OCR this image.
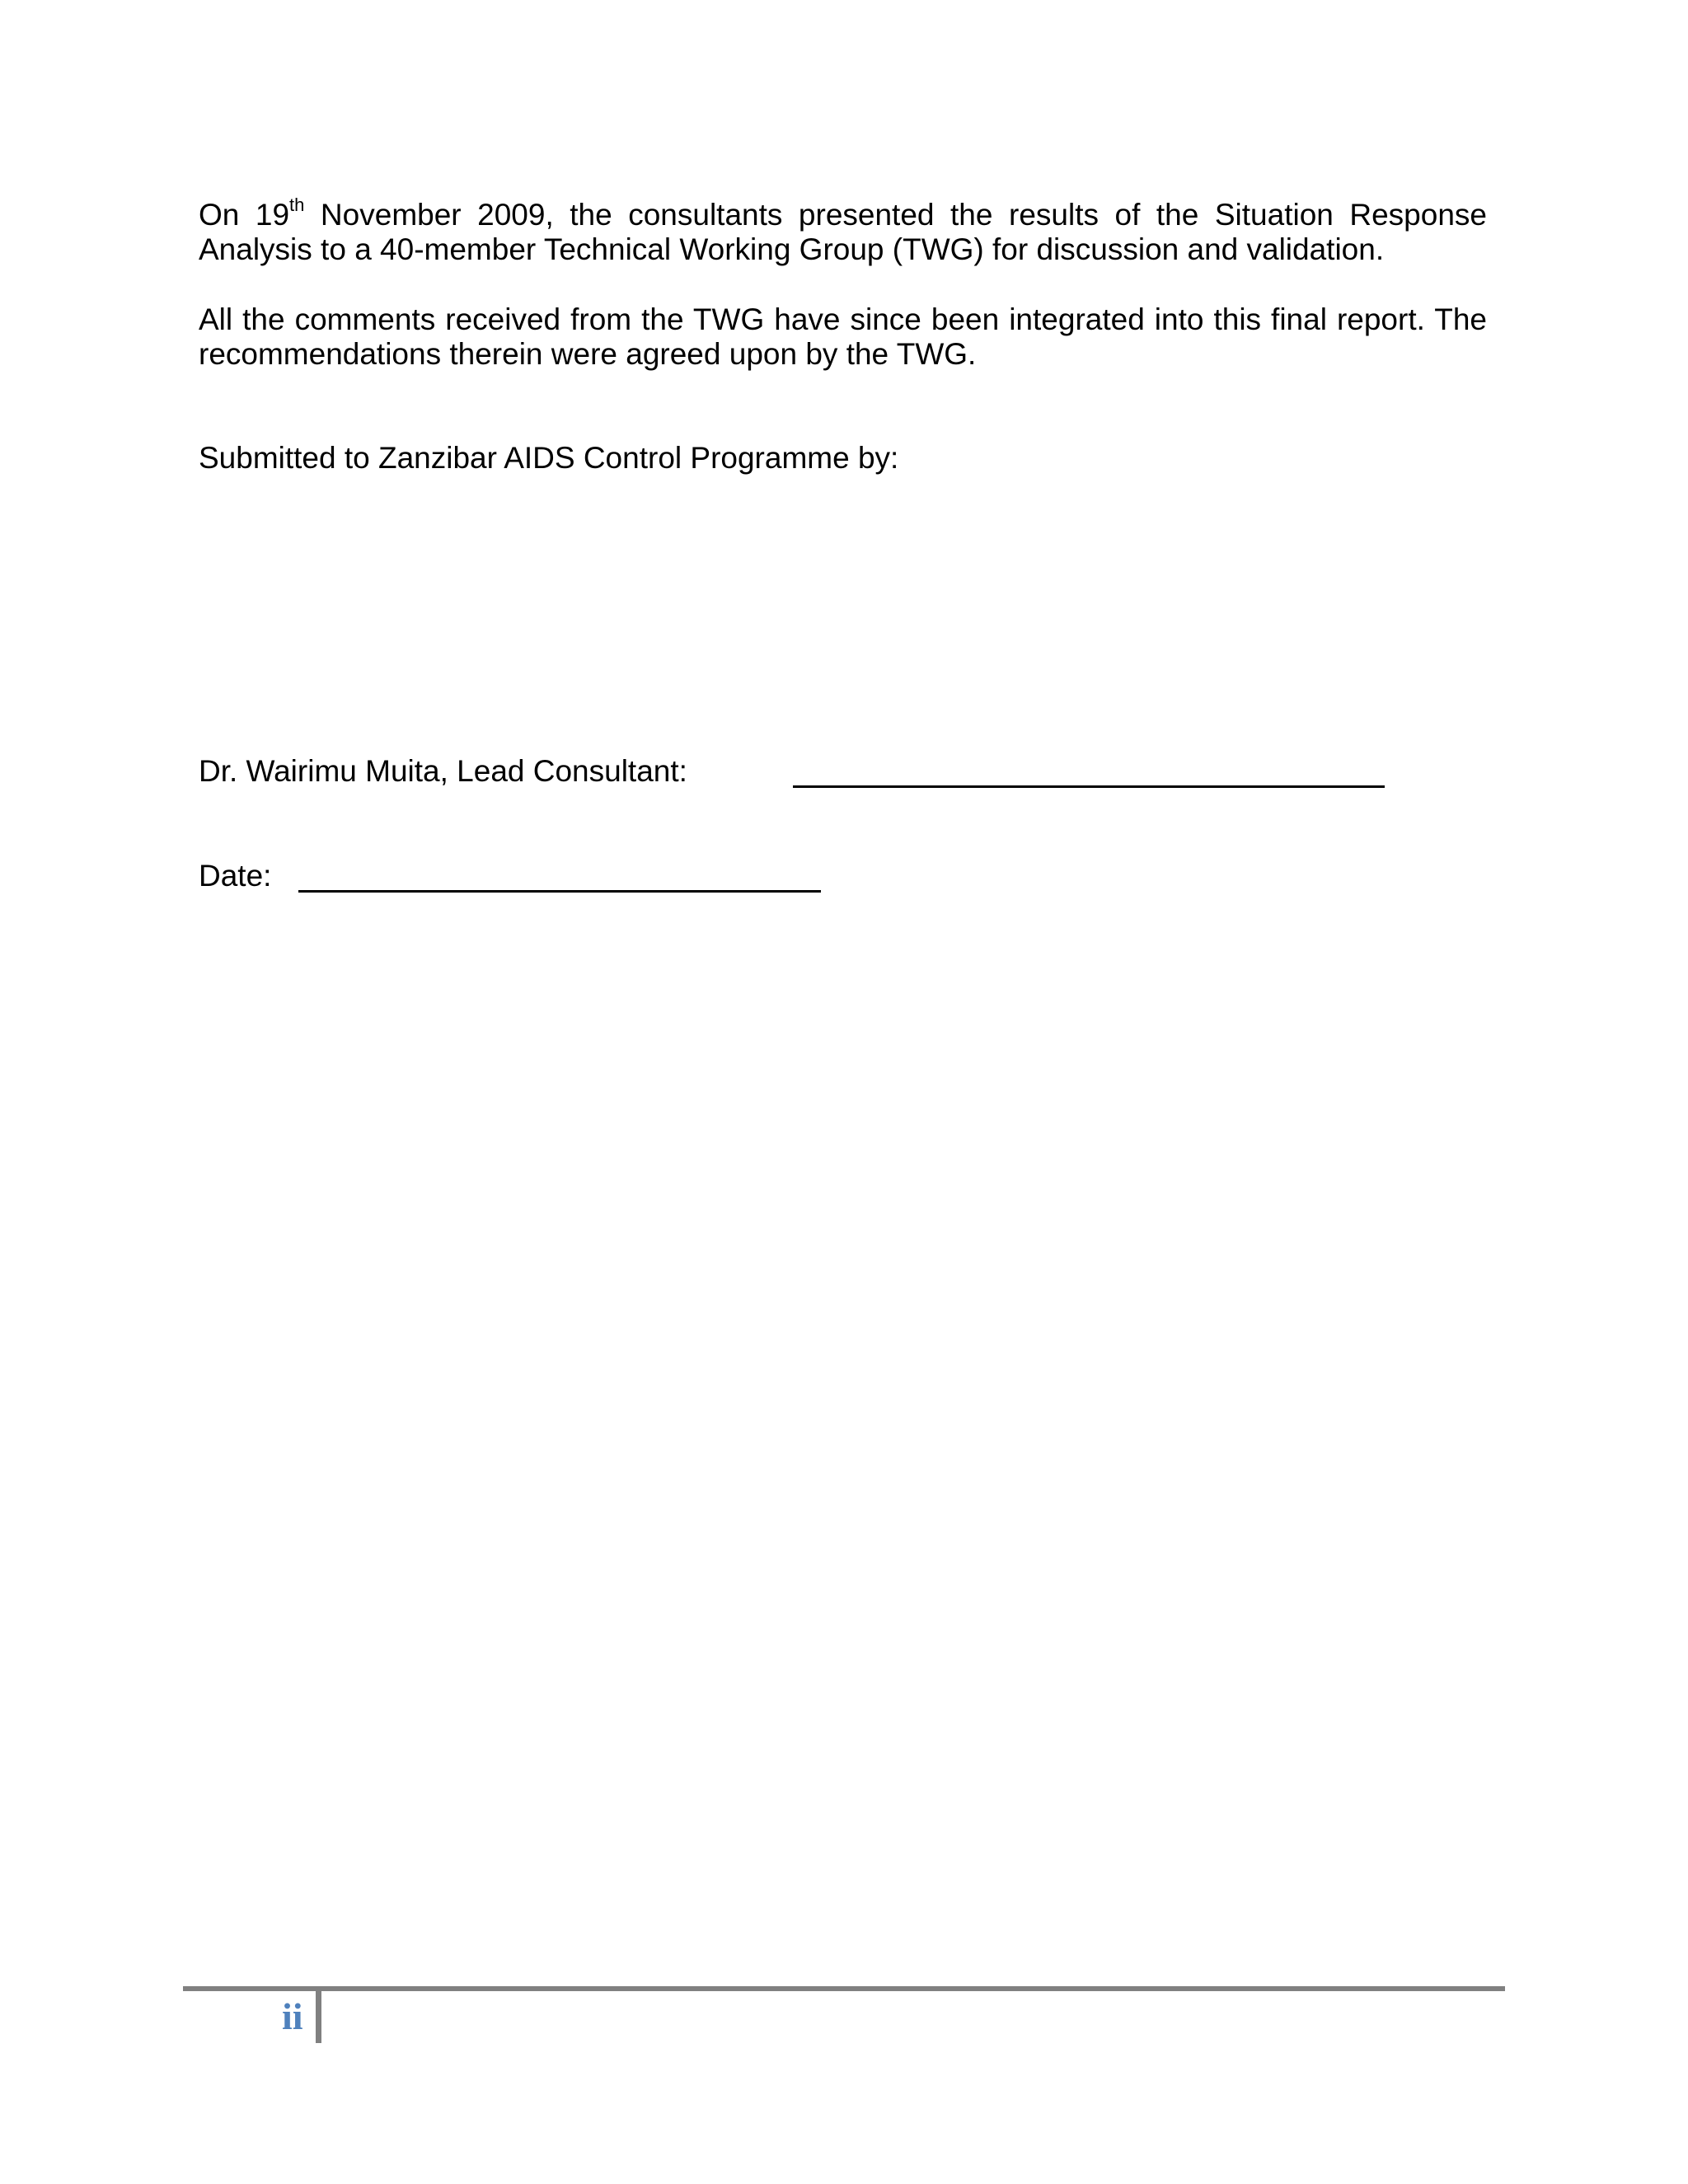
On 19th November 2009, the consultants presented the results of the Situation Response Analysis to a 40-member Technical Working Group (TWG) for discussion and validation.

All the comments received from the TWG have since been integrated into this final report. The recommendations therein were agreed upon by the TWG.

Submitted to Zanzibar AIDS Control Programme by:

Dr. Wairimu Muita, Lead Consultant:

Date:

ii
